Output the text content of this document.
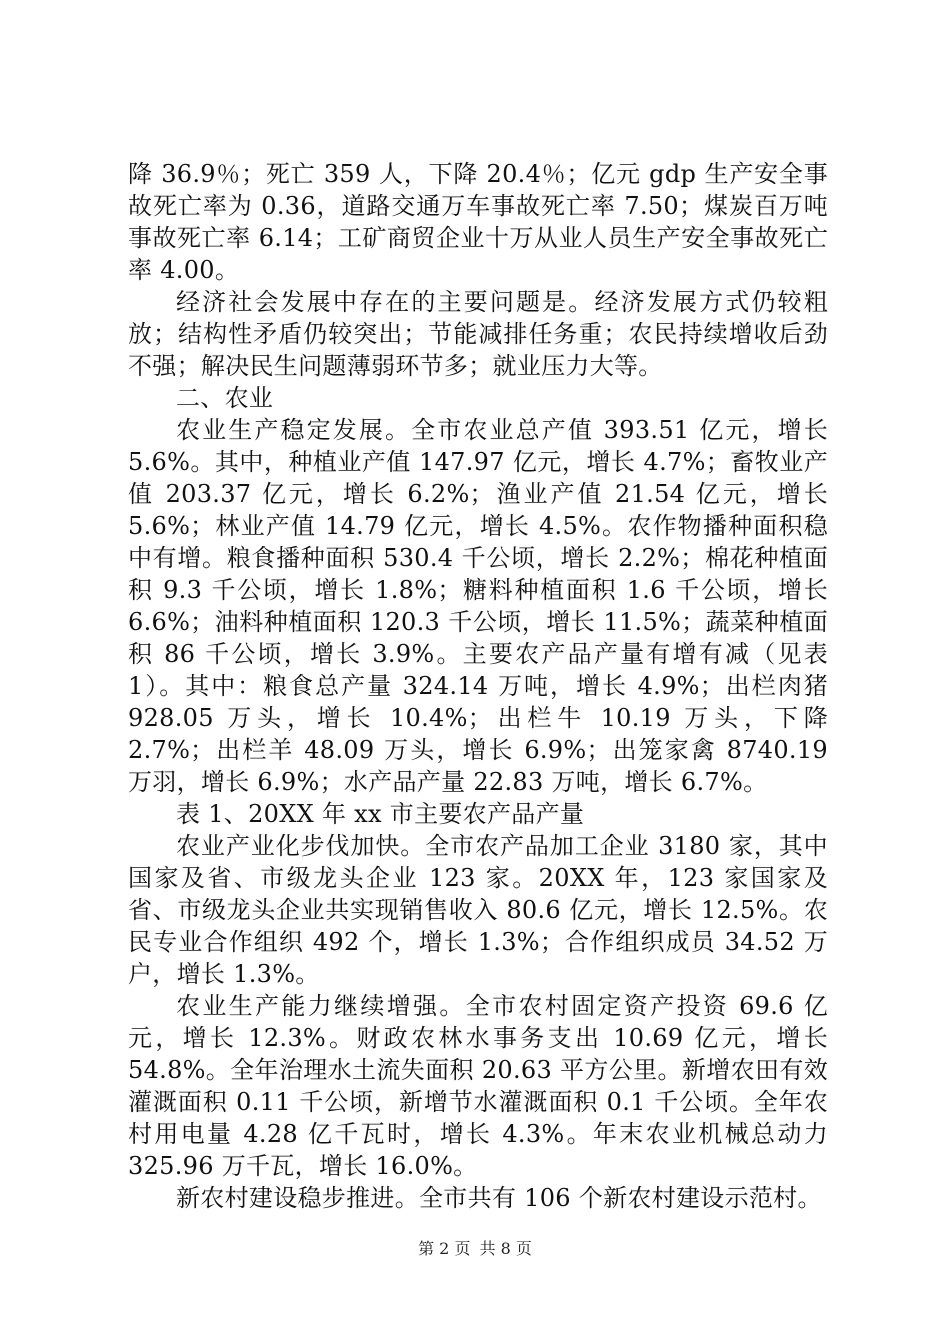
降 36.9％；死亡 359 人，下降 20.4％；亿元 gdp 生产安全事故死亡率为 0.36，道路交通万车事故死亡率 7.50；煤炭百万吨事故死亡率 6.14；工矿商贸企业十万从业人员生产安全事故死亡率 4.00。

经济社会发展中存在的主要问题是。经济发展方式仍较粗放；结构性矛盾仍较突出；节能减排任务重；农民持续增收后劲不强；解决民生问题薄弱环节多；就业压力大等。

二、农业

农业生产稳定发展。全市农业总产值 393.51 亿元，增长 5.6%。其中，种植业产值 147.97 亿元，增长 4.7%；畜牧业产值 203.37 亿元，增长 6.2%；渔业产值 21.54 亿元，增长 5.6%；林业产值 14.79 亿元，增长 4.5%。农作物播种面积稳中有增。粮食播种面积 530.4 千公顷，增长 2.2%；棉花种植面积 9.3 千公顷，增长 1.8%；糖料种植面积 1.6 千公顷，增长 6.6%；油料种植面积 120.3 千公顷，增长 11.5%；蔬菜种植面积 86 千公顷，增长 3.9%。主要农产品产量有增有减（见表 1）。其中：粮食总产量 324.14 万吨，增长 4.9%；出栏肉猪 928.05 万头，增长 10.4%；出栏牛 10.19 万头，下降 2.7%；出栏羊 48.09 万头，增长 6.9%；出笼家禽 8740.19 万羽，增长 6.9%；水产品产量 22.83 万吨，增长 6.7%。

表 1、20XX 年 xx 市主要农产品产量

农业产业化步伐加快。全市农产品加工企业 3180 家，其中国家及省、市级龙头企业 123 家。20XX 年，123 家国家及省、市级龙头企业共实现销售收入 80.6 亿元，增长 12.5%。农民专业合作组织 492 个，增长 1.3%；合作组织成员 34.52 万户，增长 1.3%。

农业生产能力继续增强。全市农村固定资产投资 69.6 亿元，增长 12.3%。财政农林水事务支出 10.69 亿元，增长 54.8%。全年治理水土流失面积 20.63 平方公里。新增农田有效灌溉面积 0.11 千公顷，新增节水灌溉面积 0.1 千公顷。全年农村用电量 4.28 亿千瓦时，增长 4.3%。年末农业机械总动力 325.96 万千瓦，增长 16.0%。

新农村建设稳步推进。全市共有 106 个新农村建设示范村。

第 2 页 共 8 页
